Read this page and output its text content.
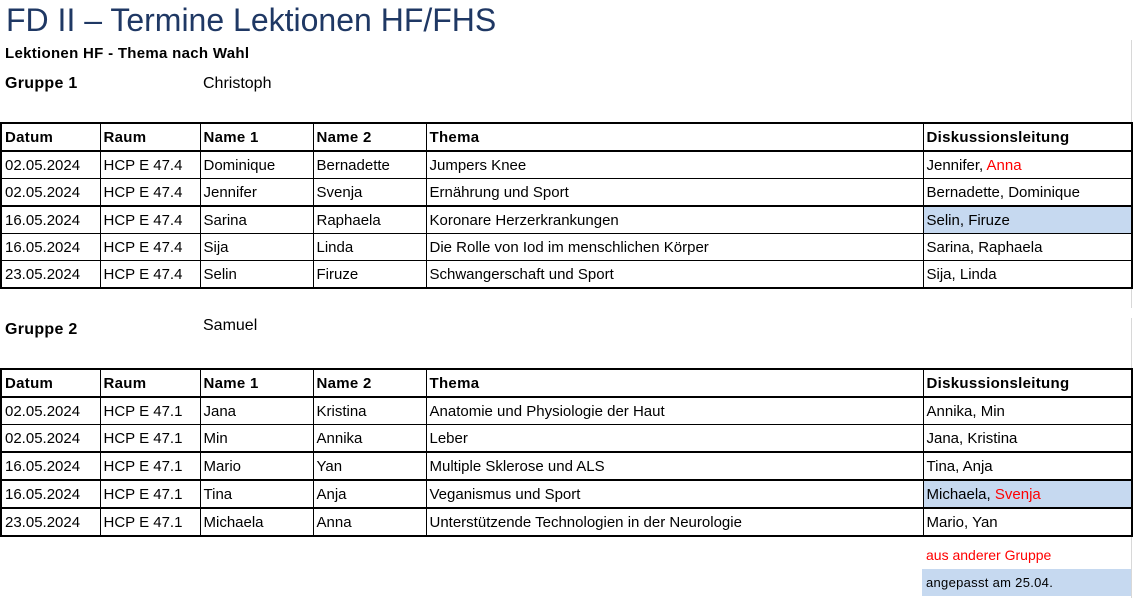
FD II – Termine Lektionen HF/FHS
Lektionen HF - Thema nach Wahl
Gruppe 1	Christoph
Datum	Raum	Name 1	Name 2	Thema	Diskussionsleitung
02.05.2024	HCP E 47.4	Dominique	Bernadette	Jumpers Knee	Jennifer, Anna
02.05.2024	HCP E 47.4	Jennifer	Svenja	Ernährung und Sport	Bernadette, Dominique
16.05.2024	HCP E 47.4	Sarina	Raphaela	Koronare Herzerkrankungen	Selin, Firuze
16.05.2024	HCP E 47.4	Sija	Linda	Die Rolle von Iod im menschlichen Körper	Sarina, Raphaela
23.05.2024	HCP E 47.4	Selin	Firuze	Schwangerschaft und Sport	Sija, Linda
Gruppe 2	Samuel
Datum	Raum	Name 1	Name 2	Thema	Diskussionsleitung
02.05.2024	HCP E 47.1	Jana	Kristina	Anatomie und Physiologie der Haut	Annika, Min
02.05.2024	HCP E 47.1	Min	Annika	Leber	Jana, Kristina
16.05.2024	HCP E 47.1	Mario	Yan	Multiple Sklerose und ALS	Tina, Anja
16.05.2024	HCP E 47.1	Tina	Anja	Veganismus und Sport	Michaela, Svenja
23.05.2024	HCP E 47.1	Michaela	Anna	Unterstützende Technologien in der Neurologie	Mario, Yan
aus anderer Gruppe
angepasst am 25.04.
